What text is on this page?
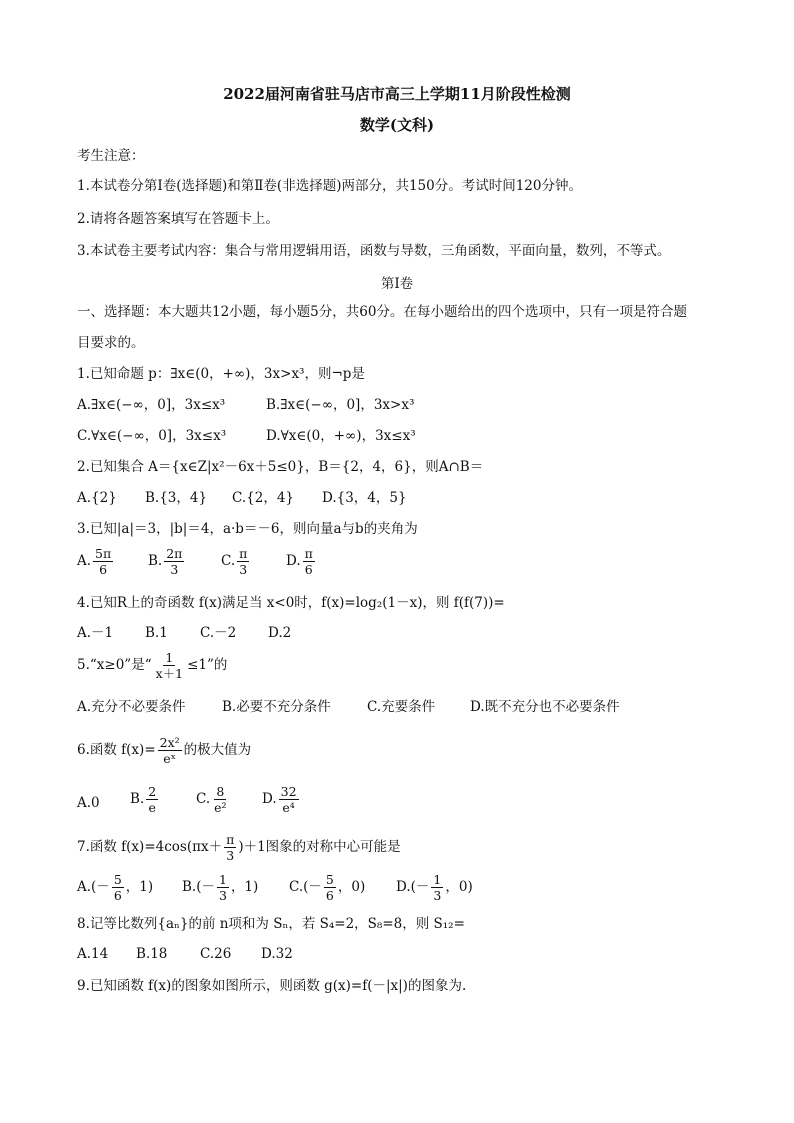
2022届河南省驻马店市高三上学期11月阶段性检测
数学(文科)
考生注意：
1.本试卷分第Ⅰ卷(选择题)和第Ⅱ卷(非选择题)两部分，共150分。考试时间120分钟。
2.请将各题答案填写在答题卡上。
3.本试卷主要考试内容：集合与常用逻辑用语，函数与导数，三角函数，平面向量，数列，不等式。
第Ⅰ卷
一、选择题：本大题共12小题，每小题5分，共60分。在每小题给出的四个选项中，只有一项是符合题
目要求的。
1.已知命题 p：∃x∈(0，+∞)，3x>x³，则¬p是
A.∃x∈(−∞，0]，3x≤x³	B.∃x∈(−∞，0]，3x>x³
C.∀x∈(−∞，0]，3x≤x³	D.∀x∈(0，+∞)，3x≤x³
2.已知集合 A＝{x∈Z|x²－6x＋5≤0}，B＝{2，4，6}，则A∩B＝
A.{2} B.{3，4} C.{2，4} D.{3，4，5}
3.已知|a|＝3，|b|＝4，a·b＝－6，则向量a与b的夹角为
A. $\frac{5\pi}{6}$	B. $\frac{2\pi}{3}$	C. $\frac{\pi}{3}$	D. $\frac{\pi}{6}$
4.已知R上的奇函数 f(x)满足当 x<0时，f(x)=log₂(1－x)，则 f(f(7))=
A.－1 B.1 C.－2 D.2
5.“x≥0”是“ $\frac{1}{x+1} \le 1$”的
A.充分不必要条件	B.必要不充分条件	C.充要条件	D.既不充分也不必要条件
6.函数 $f(x)= \frac{\text{2x²}}{\text{eˣ}}$ 的极大值为
A.0 B. $\frac{2}{e}$	C. $\frac{8}{\text{e²}} D$. $\frac{32}{\text{e⁴}}$
7.函数 $f(x)=4\cos(\pi x+ \frac{\pi}{3} )+1$图象的对称中心可能是
$A.(- \frac{5}{6}$ ，1) $B.(- \frac{1}{3}$ ，1) $C.(- \frac{5}{6}$ ，0) $D.(- \frac{1}{3}$ ，0)
8.记等比数列{aₙ}的前 n项和为 Sₙ，若 S₄=2，S₈=8，则 S₁₂=
A.14 B.18 C.26 D.32
9.已知函数 f(x)的图象如图所示，则函数 g(x)=f(－|x|)的图象为.
